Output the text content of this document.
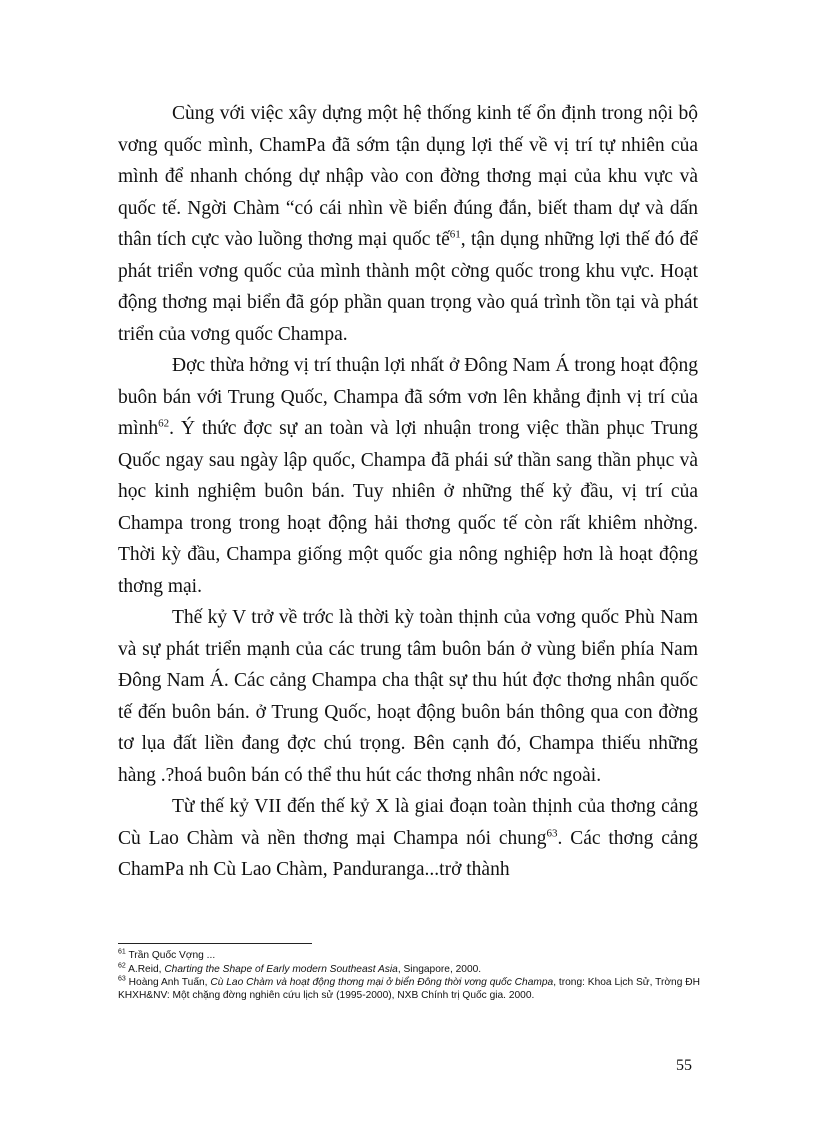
Cùng với việc xây dựng một hệ thống kinh tế ổn định trong nội bộ vơng quốc mình, ChamPa đã sớm tận dụng lợi thế về vị trí tự nhiên của mình để nhanh chóng dự nhập vào con đờng thơng mại của khu vực và quốc tế. Ngời Chàm “có cái nhìn về biển đúng đắn, biết tham dự và dấn thân tích cực vào luồng thơng mại quốc tế$^{61}$, tận dụng những lợi thế đó để phát triển vơng quốc của mình thành một cờng quốc trong khu vực. Hoạt động thơng mại biển đã góp phần quan trọng vào quá trình tồn tại và phát triển của vơng quốc Champa.

Đợc thừa hởng vị trí thuận lợi nhất ở Đông Nam Á trong hoạt động buôn bán với Trung Quốc, Champa đã sớm vơn lên khẳng định vị trí của mình$^{62}$. Ý thức đợc sự an toàn và lợi nhuận trong việc thần phục Trung Quốc ngay sau ngày lập quốc, Champa đã phái sứ thần sang thần phục và học kinh nghiệm buôn bán. Tuy nhiên ở những thế kỷ đầu, vị trí của Champa trong trong hoạt động hải thơng quốc tế còn rất khiêm nhờng. Thời kỳ đầu, Champa giống một quốc gia nông nghiệp hơn là hoạt động thơng mại.

Thế kỷ V trở về trớc là thời kỳ toàn thịnh của vơng quốc Phù Nam và sự phát triển mạnh của các trung tâm buôn bán ở vùng biển phía Nam Đông Nam Á. Các cảng Champa cha thật sự thu hút đợc thơng nhân quốc tế đến buôn bán. ở Trung Quốc, hoạt động buôn bán thông qua con đờng tơ lụa đất liền đang đợc chú trọng. Bên cạnh đó, Champa thiếu những hàng .?hoá buôn bán có thể thu hút các thơng nhân nớc ngoài.

Từ thế kỷ VII đến thế kỷ X là giai đoạn toàn thịnh của thơng cảng Cù Lao Chàm và nền thơng mại Champa nói chung$^{63}$. Các thơng cảng ChamPa nh Cù Lao Chàm, Panduranga...trở thành

$^{61}$ Trần Quốc Vợng ...
$^{62}$ A.Reid, Charting the Shape of Early modern Southeast Asia, Singapore, 2000.
$^{63}$ Hoàng Anh Tuấn, Cù Lao Chàm và hoạt động thơng mại ở biển Đông thời vơng quốc Champa, trong: Khoa Lịch Sử, Trờng ĐH KHXH&NV: Một chặng đờng nghiên cứu lịch sử (1995-2000), NXB Chính trị Quốc gia. 2000.
55
